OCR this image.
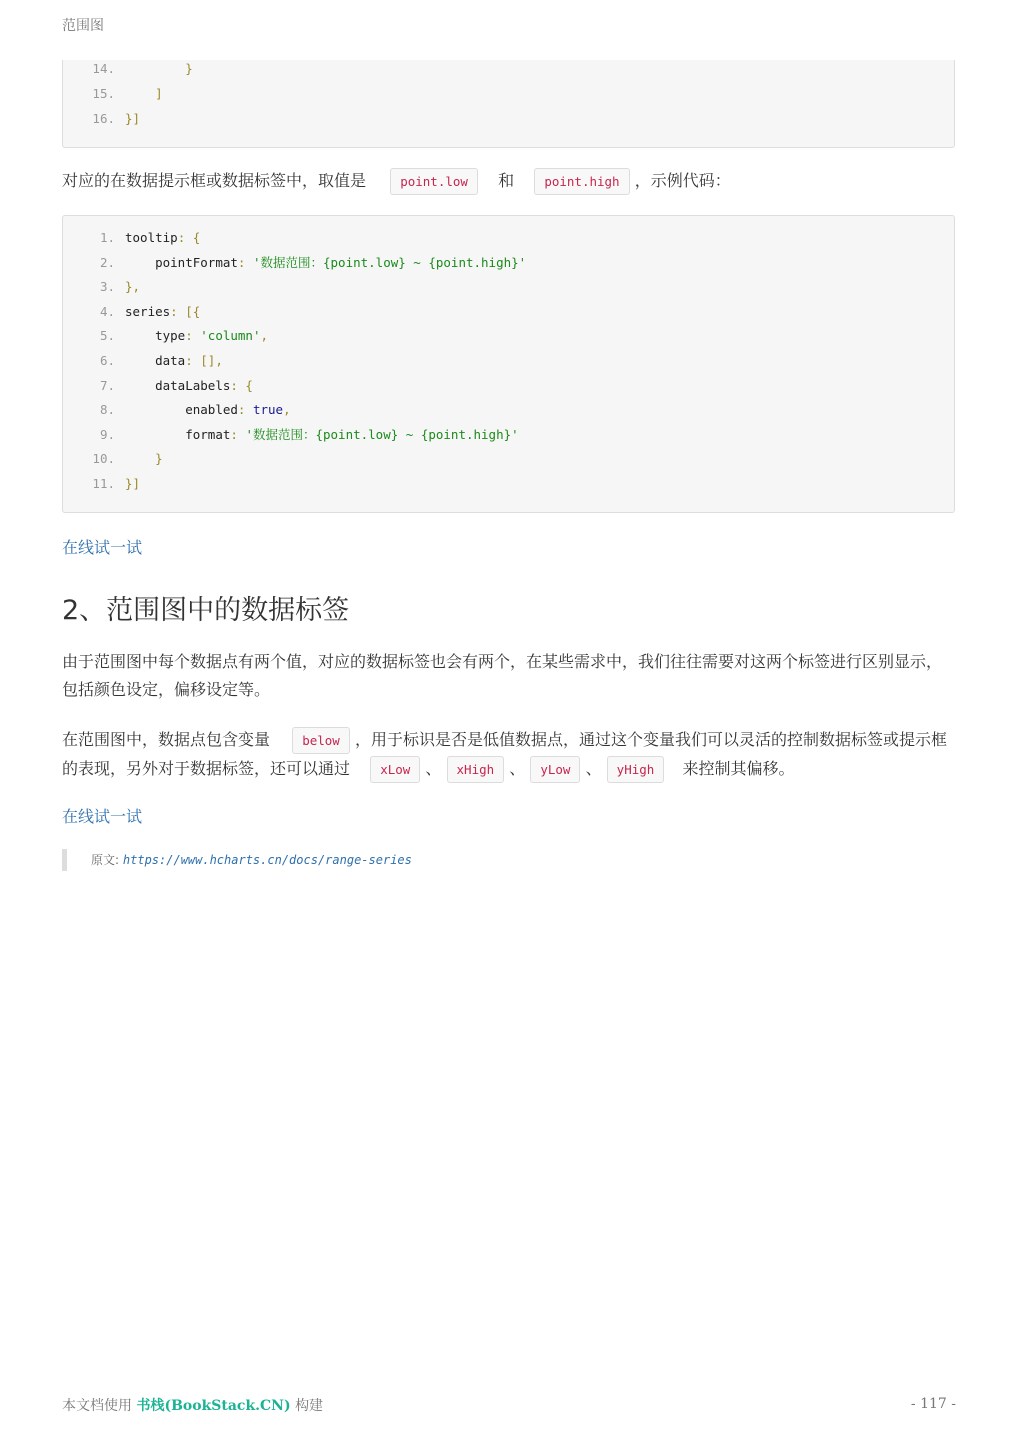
范围图
14.	}
15.	]
16. }]

对应的在数据提示框或数据标签中，取值是	point.low 和 point.high ，示例代码：

1. tooltip: {
2.	pointFormat: '数据范围：{point.low} ~ {point.high}'
3. },
4. series: [{
5.	type: 'column',
6.	data: [],
7.	dataLabels: {
8.	enabled: true,
9.	format: '数据范围：{point.low} ~ {point.high}'
10.	}
11. }]
在线试一试
2、范围图中的数据标签

由于范围图中每个数据点有两个值，对应的数据标签也会有两个，在某些需求中，我们往往需要对这两个标签进行区别显示，包括颜色设定，偏移设定等。

在范围图中，数据点包含变量	below ，用于标识是否是低值数据点，通过这个变量我们可以灵活的控制数据标签或提示框的表现，另外对于数据标签，还可以通过 xLow 、 xHigh 、 yLow 、 yHigh 来控制其偏移。

在线试一试
原文: https://www.hcharts.cn/docs/range-series
本文档使用 书栈(BookStack.CN) 构建	- 117 -
